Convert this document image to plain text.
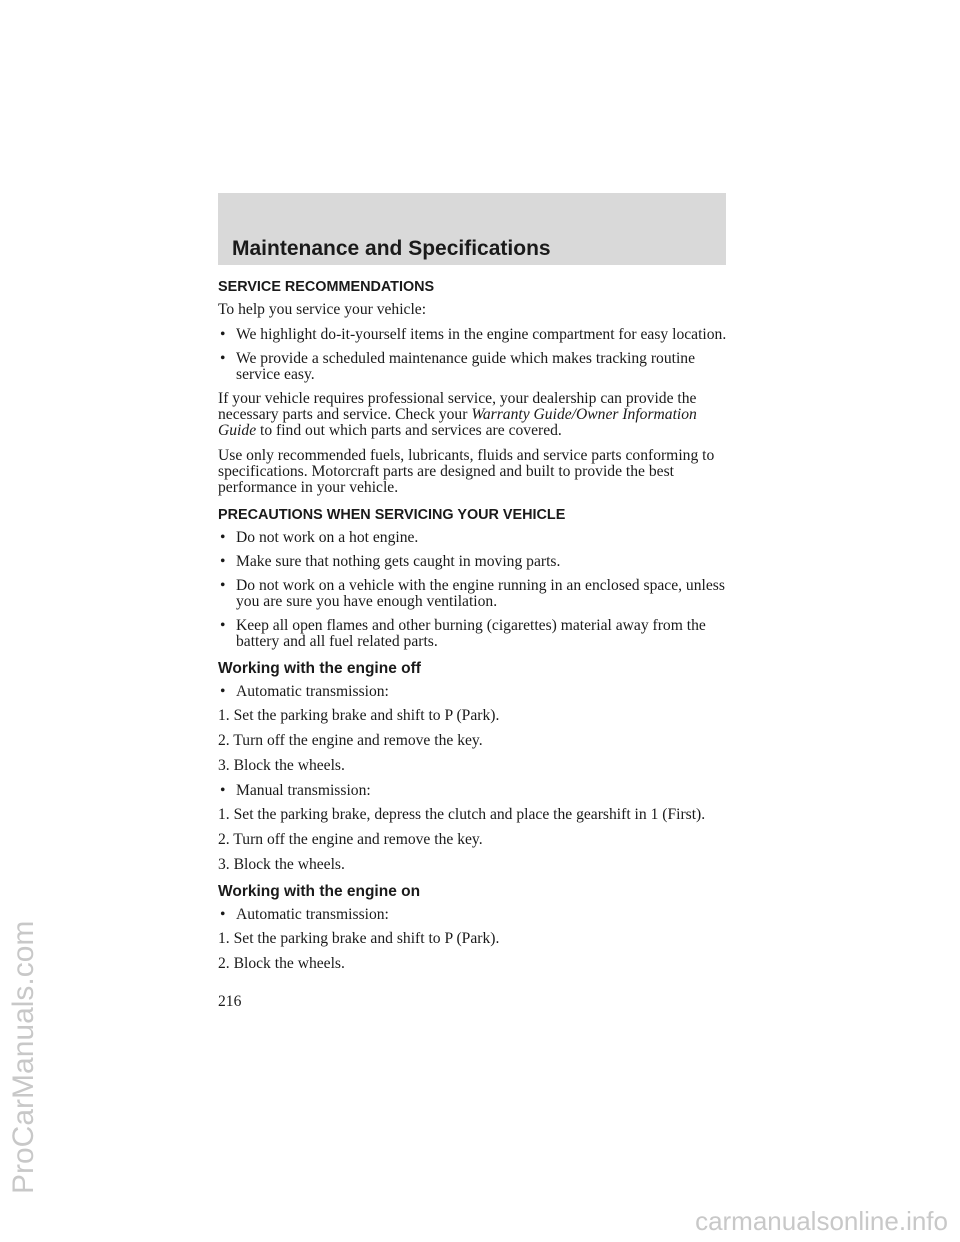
Maintenance and Specifications
SERVICE RECOMMENDATIONS

To help you service your vehicle:

• We highlight do-it-yourself items in the engine compartment for easy location.
• We provide a scheduled maintenance guide which makes tracking routine service easy.

If your vehicle requires professional service, your dealership can provide the necessary parts and service. Check your Warranty Guide/Owner Information Guide to find out which parts and services are covered.

Use only recommended fuels, lubricants, fluids and service parts conforming to specifications. Motorcraft parts are designed and built to provide the best performance in your vehicle.

PRECAUTIONS WHEN SERVICING YOUR VEHICLE
• Do not work on a hot engine.
• Make sure that nothing gets caught in moving parts.
• Do not work on a vehicle with the engine running in an enclosed space, unless you are sure you have enough ventilation.
• Keep all open flames and other burning (cigarettes) material away from the battery and all fuel related parts.
Working with the engine off
• Automatic transmission:

1. Set the parking brake and shift to P (Park).

2. Turn off the engine and remove the key.

3. Block the wheels.

• Manual transmission:

1. Set the parking brake, depress the clutch and place the gearshift in 1 (First).

2. Turn off the engine and remove the key.

3. Block the wheels.

Working with the engine on
• Automatic transmission:

1. Set the parking brake and shift to P (Park).

2. Block the wheels.

216
ProCarManuals.com
carmanualsonline.info
